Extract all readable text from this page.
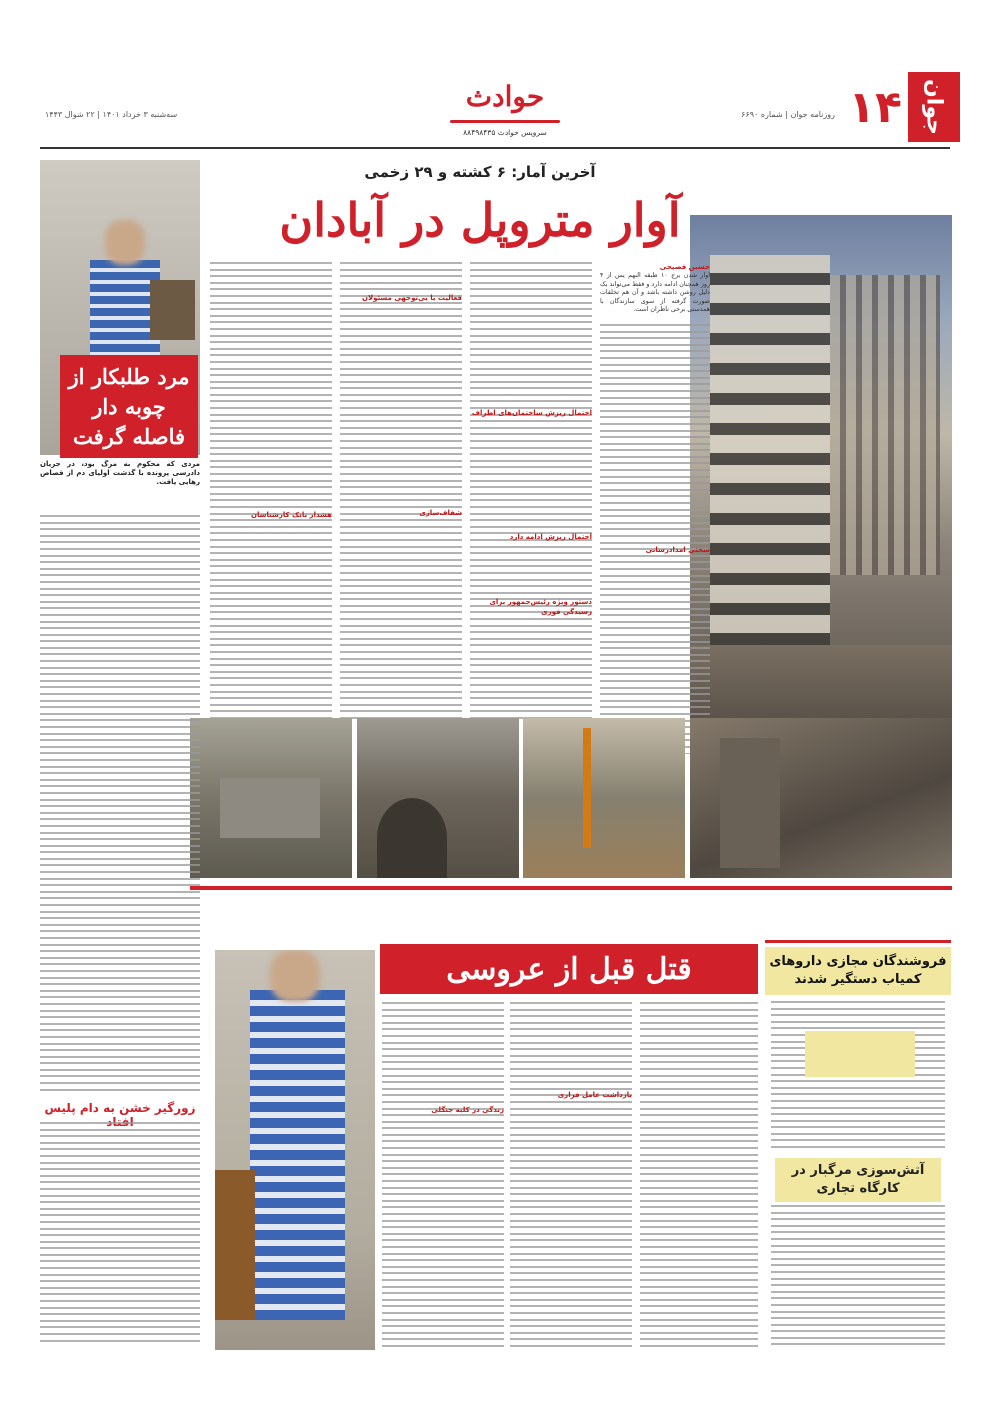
جوان
۱۴
روزنامه جوان | شماره ۶۶۹۰
سه‌شنبه ۳ خرداد ۱۴۰۱ | ۲۲ شوال ۱۴۴۳
حوادث
سرویس حوادث ۸۸۴۹۸۴۳۵
آخرین آمار: ۶ کشته و ۲۹ زخمی
آوار متروپل در آبادان
حسین فصیحی
آوار شدن برج ۱۰ طبقه آلبهم یس از ۴ روز همچنان ادامه دارد و فقط می‌تواند یک دلیل روشن داشته باشد و آن هم تخلفات صورت گرفته از سوی سازندگان با همدستی برخی ناظران است.
سختی امدادرسانی
احتمال ریزش ساختمان‌های اطراف
احتمال ریزش ادامه دارد
دستور ویژه رئیس‌جمهور برای رسیدگی فوری
فعالیت یا بی‌توجهی مسئولان
شفاف‌سازی
هشدار بانک کارشناسان
مرد طلبکار از چوبه دار فاصله گرفت
مردی که محکوم به مرگ بود، در جریان دادرسی پرونده با گذشت اولیای دم از قصاص رهایی یافت.
زورگیر خشن به دام پلیس
قتل قبل از عروسی
بازداشت عامل فراری
زندگی در کلبه جنگلی
فروشندگان مجازی داروهای کمیاب دستگیر شدند
آتش‌سوزی مرگبار در کارگاه تجاری
